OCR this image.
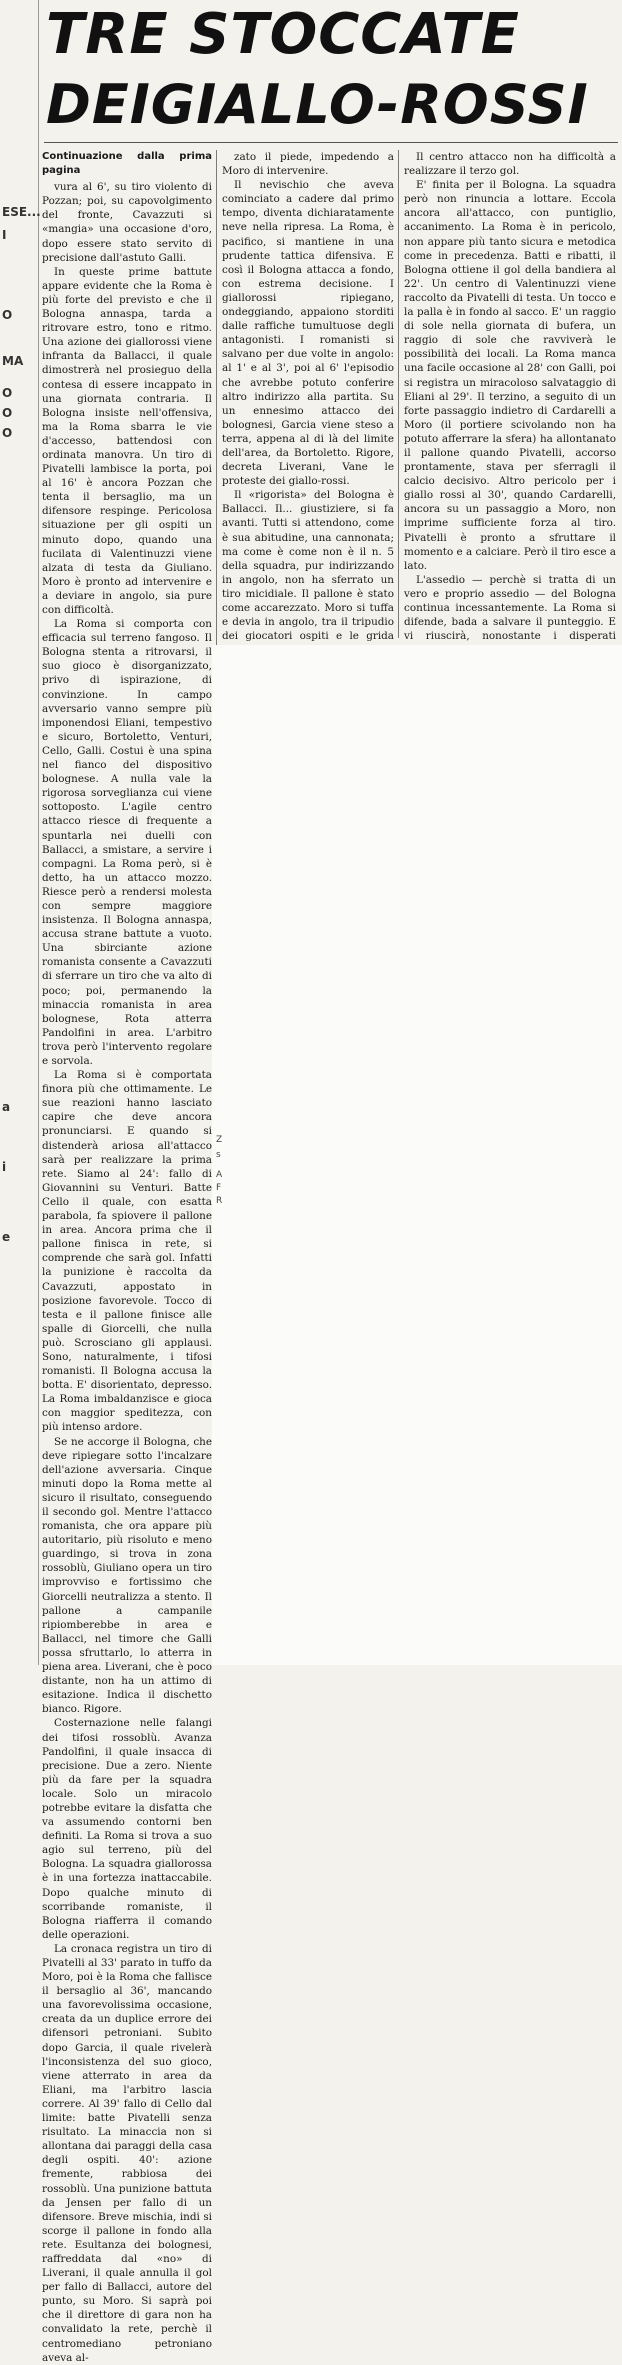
ESE...
I
O
MA
O
O
O
a
i
e
TRE STOCCATE
DEIGIALLO-ROSSI

Continuazione dalla prima pagina

vura al 6', su tiro violento di Pozzan; poi, su capovolgimento del fronte, Cavazzuti si «mangia» una occasione d'oro, dopo essere stato servito di precisione dall'astuto Galli.

In queste prime battute appare evidente che la Roma è più forte del previsto e che il Bologna annaspa, tarda a ritrovare estro, tono e ritmo. Una azione dei giallorossi viene infranta da Ballacci, il quale dimostrerà nel prosieguo della contesa di essere incappato in una giornata contraria. Il Bologna insiste nell'offensiva, ma la Roma sbarra le vie d'accesso, battendosi con ordinata manovra. Un tiro di Pivatelli lambisce la porta, poi al 16' è ancora Pozzan che tenta il bersaglio, ma un difensore respinge. Pericolosa situazione per gli ospiti un minuto dopo, quando una fucilata di Valentinuzzi viene alzata di testa da Giuliano. Moro è pronto ad intervenire e a deviare in angolo, sia pure con difficoltà.

La Roma si comporta con efficacia sul terreno fangoso. Il Bologna stenta a ritrovarsi, il suo gioco è disorganizzato, privo di ispirazione, di convinzione. In campo avversario vanno sempre più imponendosi Eliani, tempestivo e sicuro, Bortoletto, Venturi, Cello, Galli. Costui è una spina nel fianco del dispositivo bolognese. A nulla vale la rigorosa sorveglianza cui viene sottoposto. L'agile centro attacco riesce di frequente a spuntarla nei duelli con Ballacci, a smistare, a servire i compagni. La Roma però, si è detto, ha un attacco mozzo. Riesce però a rendersi molesta con sempre maggiore insistenza. Il Bologna annaspa, accusa strane battute a vuoto. Una sbirciante azione romanista consente a Cavazzuti di sferrare un tiro che va alto di poco; poi, permanendo la minaccia romanista in area bolognese, Rota atterra Pandolfini in area. L'arbitro trova però l'intervento regolare e sorvola.

La Roma si è comportata finora più che ottimamente. Le sue reazioni hanno lasciato capire che deve ancora pronunciarsi. E quando si distenderà ariosa all'attacco sarà per realizzare la prima rete. Siamo al 24': fallo di Giovannini su Venturi. Batte Cello il quale, con esatta parabola, fa spiovere il pallone in area. Ancora prima che il pallone finisca in rete, si comprende che sarà gol. Infatti la punizione è raccolta da Cavazzuti, appostato in posizione favorevole. Tocco di testa e il pallone finisce alle spalle di Giorcelli, che nulla può. Scrosciano gli applausi. Sono, naturalmente, i tifosi romanisti. Il Bologna accusa la botta. E' disorientato, depresso. La Roma imbaldanzisce e gioca con maggior speditezza, con più intenso ardore.

Se ne accorge il Bologna, che deve ripiegare sotto l'incalzare dell'azione avversaria. Cinque minuti dopo la Roma mette al sicuro il risultato, conseguendo il secondo gol. Mentre l'attacco romanista, che ora appare più autoritario, più risoluto e meno guardingo, si trova in zona rossoblù, Giuliano opera un tiro improvviso e fortissimo che Giorcelli neutralizza a stento. Il pallone a campanile ripiomberebbe in area e Ballacci, nel timore che Galli possa sfruttarlo, lo atterra in piena area. Liverani, che è poco distante, non ha un attimo di esitazione. Indica il dischetto bianco. Rigore.

Costernazione nelle falangi dei tifosi rossoblù. Avanza Pandolfini, il quale insacca di precisione. Due a zero. Niente più da fare per la squadra locale. Solo un miracolo potrebbe evitare la disfatta che va assumendo contorni ben definiti. La Roma si trova a suo agio sul terreno, più del Bologna. La squadra giallorossa è in una fortezza inattaccabile. Dopo qualche minuto di scorribande romaniste, il Bologna riafferra il comando delle operazioni.

La cronaca registra un tiro di Pivatelli al 33' parato in tuffo da Moro, poi è la Roma che fallisce il bersaglio al 36', mancando una favorevolissima occasione, creata da un duplice errore dei difensori petroniani. Subito dopo Garcia, il quale rivelerà l'inconsistenza del suo gioco, viene atterrato in area da Eliani, ma l'arbitro lascia correre. Al 39' fallo di Cello dal limite: batte Pivatelli senza risultato. La minaccia non si allontana dai paraggi della casa degli ospiti. 40': azione fremente, rabbiosa dei rossoblù. Una punizione battuta da Jensen per fallo di un difensore. Breve mischia, indi si scorge il pallone in fondo alla rete. Esultanza dei bolognesi, raffreddata dal «no» di Liverani, il quale annulla il gol per fallo di Ballacci, autore del punto, su Moro. Si saprà poi che il direttore di gara non ha convalidato la rete, perchè il centromediano petroniano aveva al-

zato il piede, impedendo a Moro di intervenire.

Il nevischio che aveva cominciato a cadere dal primo tempo, diventa dichiaratamente neve nella ripresa. La Roma, è pacifico, si mantiene in una prudente tattica difensiva. E così il Bologna attacca a fondo, con estrema decisione. I giallorossi ripiegano, ondeggiando, appaiono storditi dalle raffiche tumultuose degli antagonisti. I romanisti si salvano per due volte in angolo: al 1' e al 3', poi al 6' l'episodio che avrebbe potuto conferire altro indirizzo alla partita. Su un ennesimo attacco dei bolognesi, Garcia viene steso a terra, appena al di là del limite dell'area, da Bortoletto. Rigore, decreta Liverani, Vane le proteste dei giallo-rossi.

Il «rigorista» del Bologna è Ballacci. Il... giustiziere, si fa avanti. Tutti si attendono, come è sua abitudine, una cannonata; ma come è come non è il n. 5 della squadra, pur indirizzando in angolo, non ha sferrato un tiro micidiale. Il pallone è stato come accarezzato. Moro si tuffa e devia in angolo, tra il tripudio dei giocatori ospiti e le grida

Il centro attacco non ha difficoltà a realizzare il terzo gol.

E' finita per il Bologna. La squadra però non rinuncia a lottare. Eccola ancora all'attacco, con puntiglio, accanimento. La Roma è in pericolo, non appare più tanto sicura e metodica come in precedenza. Batti e ribatti, il Bologna ottiene il gol della bandiera al 22'. Un centro di Valentinuzzi viene raccolto da Pivatelli di testa. Un tocco e la palla è in fondo al sacco. E' un raggio di sole nella giornata di bufera, un raggio di sole che ravviverà le possibilità dei locali. La Roma manca una facile occasione al 28' con Galli, poi si registra un miracoloso salvataggio di Eliani al 29'. Il terzino, a seguito di un forte passaggio indietro di Cardarelli a Moro (il portiere scivolando non ha potuto afferrare la sfera) ha allontanato il pallone quando Pivatelli, accorso prontamente, stava per sferragli il calcio decisivo. Altro pericolo per i giallo rossi al 30', quando Cardarelli, ancora su un passaggio a Moro, non imprime sufficiente forza al tiro. Pivatelli è pronto a sfruttare il momento e a calciare. Però il tiro esce a lato.

L'assedio — perchè si tratta di un vero e proprio assedio — del Bologna continua incessantemente. La Roma si difende, bada a salvare il punteggio. E vi riuscirà, nonostante i disperati

Z
s
A
F
R
